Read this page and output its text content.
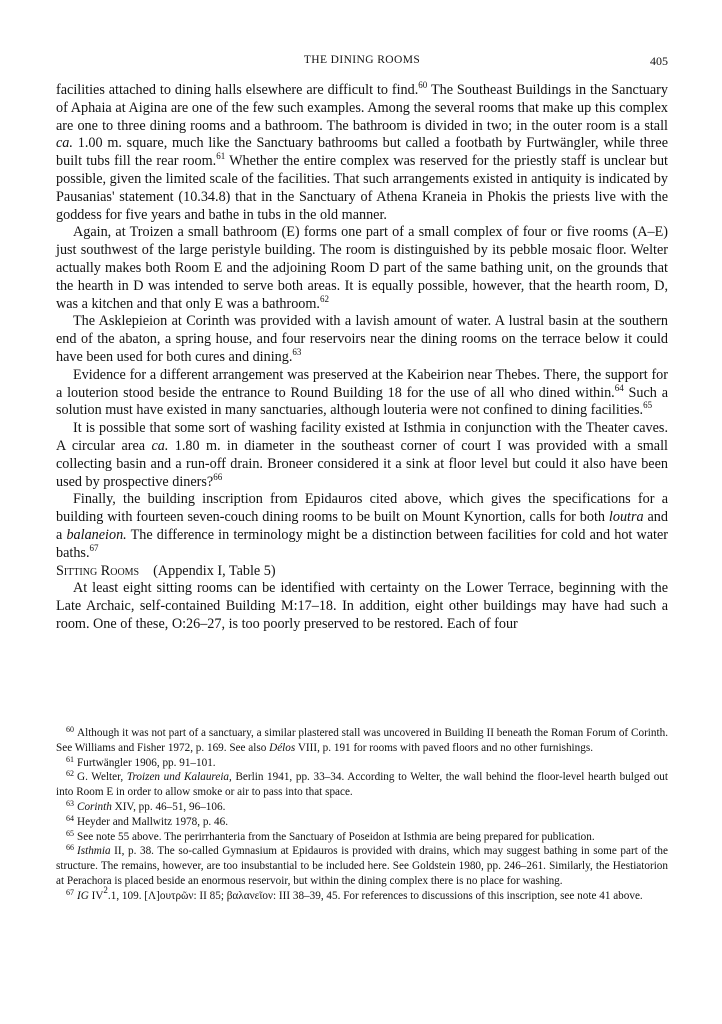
THE DINING ROOMS	405

facilities attached to dining halls elsewhere are difficult to find.$^{60}$ The Southeast Buildings in the Sanctuary of Aphaia at Aigina are one of the few such examples. Among the several rooms that make up this complex are one to three dining rooms and a bathroom. The bathroom is divided in two; in the outer room is a stall ca. 1.00 m. square, much like the Sanctuary bathrooms but called a footbath by Furtwängler, while three built tubs fill the rear room.$^{61}$ Whether the entire complex was reserved for the priestly staff is unclear but possible, given the limited scale of the facilities. That such arrangements existed in antiquity is indicated by Pausanias' statement (10.34.8) that in the Sanctuary of Athena Kraneia in Phokis the priests live with the goddess for five years and bathe in tubs in the old manner.

Again, at Troizen a small bathroom (E) forms one part of a small complex of four or five rooms (A–E) just southwest of the large peristyle building. The room is distinguished by its pebble mosaic floor. Welter actually makes both Room E and the adjoining Room D part of the same bathing unit, on the grounds that the hearth in D was intended to serve both areas. It is equally possible, however, that the hearth room, D, was a kitchen and that only E was a bathroom.$^{62}$

The Asklepieion at Corinth was provided with a lavish amount of water. A lustral basin at the southern end of the abaton, a spring house, and four reservoirs near the dining rooms on the terrace below it could have been used for both cures and dining.$^{63}$

Evidence for a different arrangement was preserved at the Kabeirion near Thebes. There, the support for a louterion stood beside the entrance to Round Building 18 for the use of all who dined within.$^{64}$ Such a solution must have existed in many sanctuaries, although louteria were not confined to dining facilities.$^{65}$

It is possible that some sort of washing facility existed at Isthmia in conjunction with the Theater caves. A circular area ca. 1.80 m. in diameter in the southeast corner of court I was provided with a small collecting basin and a run-off drain. Broneer considered it a sink at floor level but could it also have been used by prospective diners?$^{66}$

Finally, the building inscription from Epidauros cited above, which gives the specifications for a building with fourteen seven-couch dining rooms to be built on Mount Kynortion, calls for both loutra and a balaneion. The difference in terminology might be a distinction between facilities for cold and hot water baths.$^{67}$

Sitting Rooms (Appendix I, Table 5)

At least eight sitting rooms can be identified with certainty on the Lower Terrace, beginning with the Late Archaic, self-contained Building M:17–18. In addition, eight other buildings may have had such a room. One of these, O:26–27, is too poorly preserved to be restored. Each of four

$^{60}$ Although it was not part of a sanctuary, a similar plastered stall was uncovered in Building II beneath the Roman Forum of Corinth. See Williams and Fisher 1972, p. 169. See also Délos VIII, p. 191 for rooms with paved floors and no other furnishings.

$^{61}$ Furtwängler 1906, pp. 91–101.

$^{62}$ G. Welter, Troizen und Kalaureia, Berlin 1941, pp. 33–34. According to Welter, the wall behind the floor-level hearth bulged out into Room E in order to allow smoke or air to pass into that space.

$^{63}$ Corinth XIV, pp. 46–51, 96–106.

$^{64}$ Heyder and Mallwitz 1978, p. 46.

$^{65}$ See note 55 above. The perirrhanteria from the Sanctuary of Poseidon at Isthmia are being prepared for publication.

$^{66}$ Isthmia II, p. 38. The so-called Gymnasium at Epidauros is provided with drains, which may suggest bathing in some part of the structure. The remains, however, are too insubstantial to be included here. See Goldstein 1980, pp. 246–261. Similarly, the Hestiatorion at Perachora is placed beside an enormous reservoir, but within the dining complex there is no place for washing.

$^{67}$ IG $IV^2.1$, 109. [Λ]ουτρῶν: II 85; βαλανεῖον: III 38–39, 45. For references to discussions of this inscription, see note 41 above.
